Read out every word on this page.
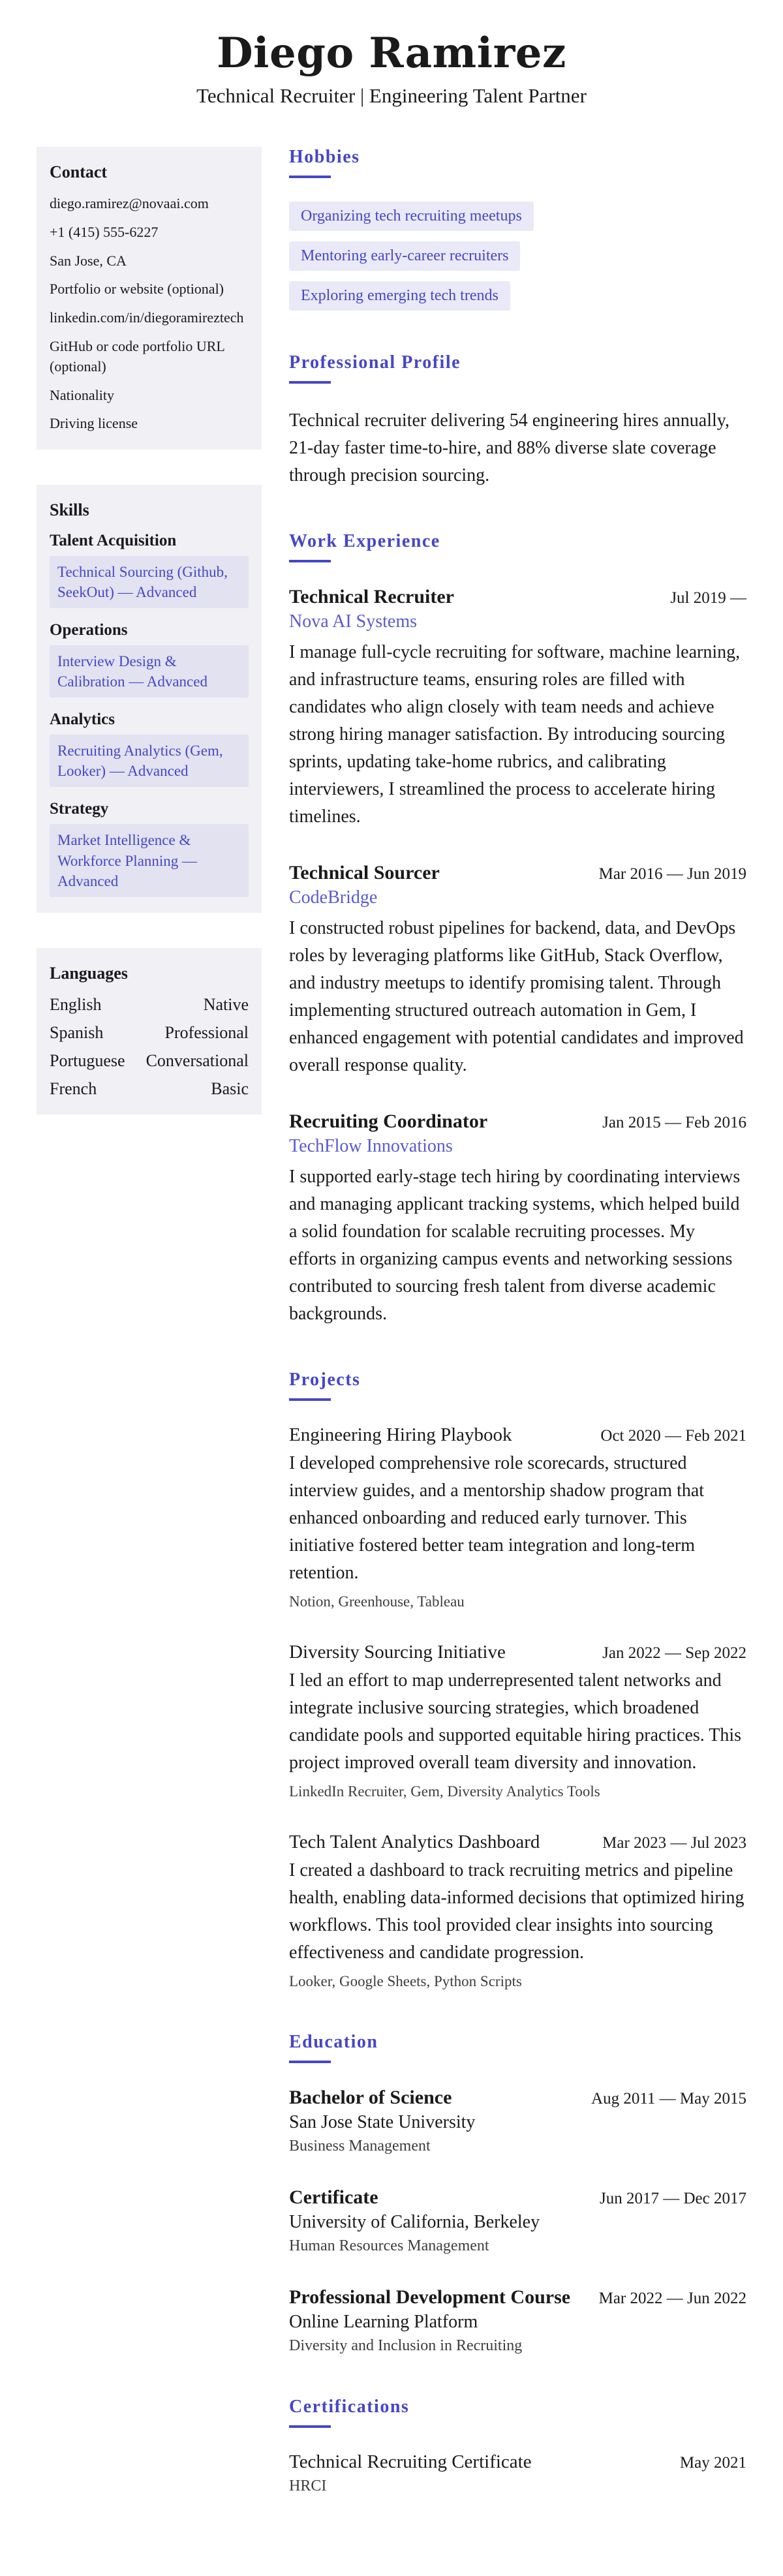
Diego Ramirez
Technical Recruiter | Engineering Talent Partner
Contact
diego.ramirez@novaai.com
+1 (415) 555-6227
San Jose, CA
Portfolio or website (optional)
linkedin.com/in/diegoramireztech
GitHub or code portfolio URL (optional)
Nationality
Driving license
Skills
Talent Acquisition
Technical Sourcing (Github, SeekOut) — Advanced
Operations
Interview Design & Calibration — Advanced
Analytics
Recruiting Analytics (Gem, Looker) — Advanced
Strategy
Market Intelligence & Workforce Planning — Advanced
Languages
English	Native
Spanish	Professional
Portuguese Conversational
French	Basic
Hobbies
Organizing tech recruiting meetups
Mentoring early-career recruiters
Exploring emerging tech trends
Professional Profile
Technical recruiter delivering 54 engineering hires annually, 21-day faster time-to-hire, and 88% diverse slate coverage through precision sourcing.
Work Experience
Technical Recruiter	Jul 2019 —
Nova AI Systems
I manage full-cycle recruiting for software, machine learning, and infrastructure teams, ensuring roles are filled with candidates who align closely with team needs and achieve strong hiring manager satisfaction. By introducing sourcing sprints, updating take-home rubrics, and calibrating interviewers, I streamlined the process to accelerate hiring timelines.
Technical Sourcer	Mar 2016 — Jun 2019
CodeBridge
I constructed robust pipelines for backend, data, and DevOps roles by leveraging platforms like GitHub, Stack Overflow, and industry meetups to identify promising talent. Through implementing structured outreach automation in Gem, I enhanced engagement with potential candidates and improved overall response quality.
Recruiting Coordinator	Jan 2015 — Feb 2016
TechFlow Innovations
I supported early-stage tech hiring by coordinating interviews and managing applicant tracking systems, which helped build a solid foundation for scalable recruiting processes. My efforts in organizing campus events and networking sessions contributed to sourcing fresh talent from diverse academic backgrounds.
Projects
Engineering Hiring Playbook	Oct 2020 — Feb 2021
I developed comprehensive role scorecards, structured interview guides, and a mentorship shadow program that enhanced onboarding and reduced early turnover. This initiative fostered better team integration and long-term retention.
Notion, Greenhouse, Tableau
Diversity Sourcing Initiative	Jan 2022 — Sep 2022
I led an effort to map underrepresented talent networks and integrate inclusive sourcing strategies, which broadened candidate pools and supported equitable hiring practices. This project improved overall team diversity and innovation.
LinkedIn Recruiter, Gem, Diversity Analytics Tools
Tech Talent Analytics Dashboard	Mar 2023 — Jul 2023
I created a dashboard to track recruiting metrics and pipeline health, enabling data-informed decisions that optimized hiring workflows. This tool provided clear insights into sourcing effectiveness and candidate progression.
Looker, Google Sheets, Python Scripts
Education
Bachelor of Science	Aug 2011 — May 2015
San Jose State University
Business Management
Certificate	Jun 2017 — Dec 2017
University of California, Berkeley
Human Resources Management
Professional Development Course Mar 2022 — Jun 2022
Online Learning Platform
Diversity and Inclusion in Recruiting
Certifications
Technical Recruiting Certificate	May 2021
HRCI
